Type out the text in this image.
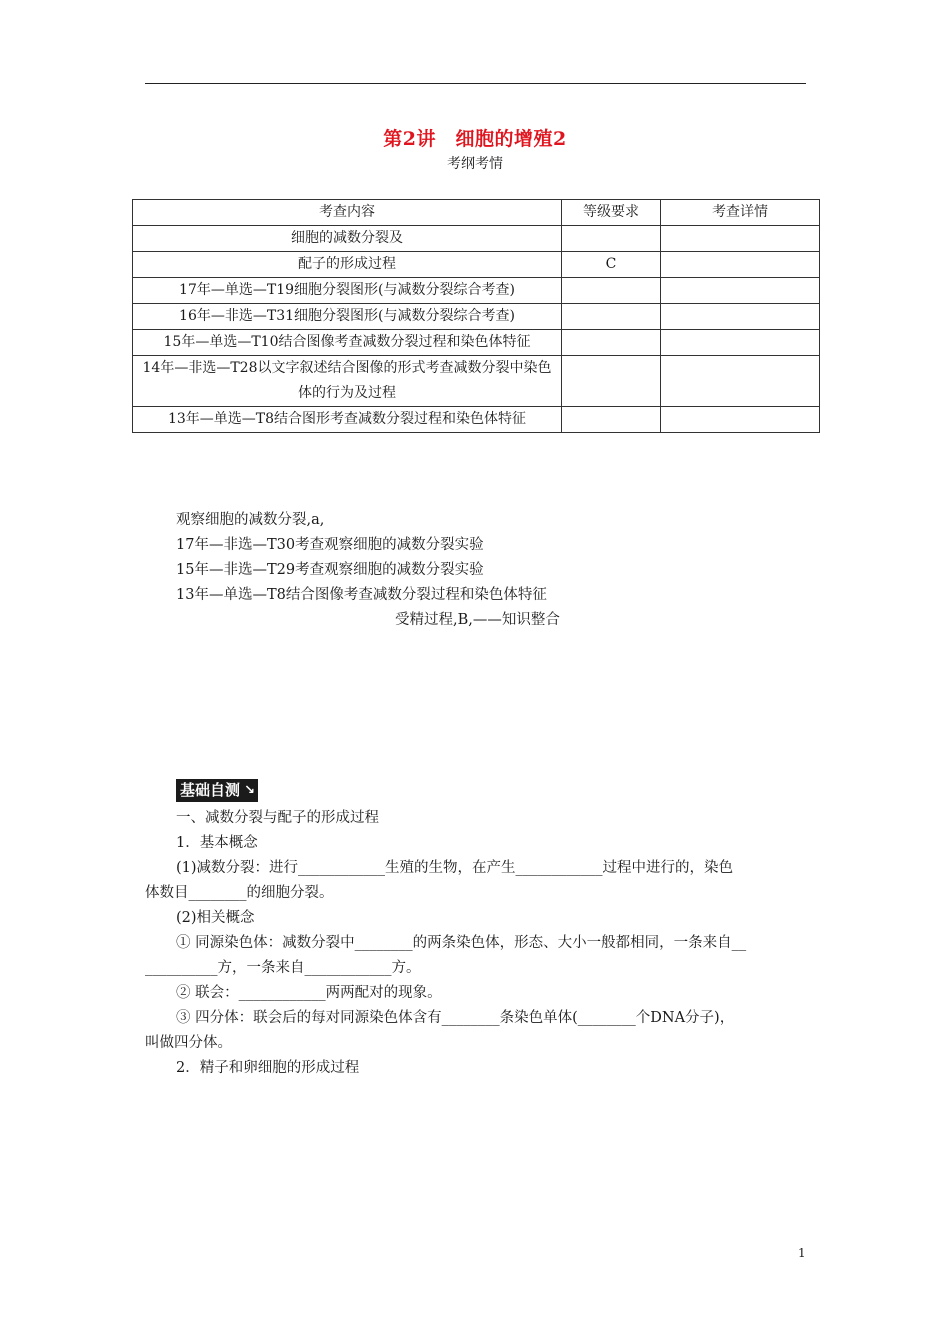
第2讲　细胞的增殖2
考纲考情
考查内容	等级要求	考查详情
细胞的减数分裂及		
配子的形成过程	C	
17年—单选—T19细胞分裂图形(与减数分裂综合考查)		
16年—非选—T31细胞分裂图形(与减数分裂综合考查)		
15年—单选—T10结合图像考查减数分裂过程和染色体特征		
14年—非选—T28以文字叙述结合图像的形式考查减数分裂中染色体的行为及过程		
13年—单选—T8结合图形考查减数分裂过程和染色体特征		
观察细胞的减数分裂,a,
17年—非选—T30考查观察细胞的减数分裂实验
15年—非选—T29考查观察细胞的减数分裂实验
13年—单选—T8结合图像考查减数分裂过程和染色体特征
受精过程,B,——知识整合
基础自测 ↘
一、减数分裂与配子的形成过程
1．基本概念
(1)减数分裂：进行____________生殖的生物，在产生____________过程中进行的，染色
体数目________的细胞分裂。
(2)相关概念
① 同源染色体：减数分裂中________的两条染色体，形态、大小一般都相同，一条来自__
__________方，一条来自____________方。
② 联会：____________两两配对的现象。
③ 四分体：联会后的每对同源染色体含有________条染色单体(________个DNA分子)，
叫做四分体。
2．精子和卵细胞的形成过程
1
